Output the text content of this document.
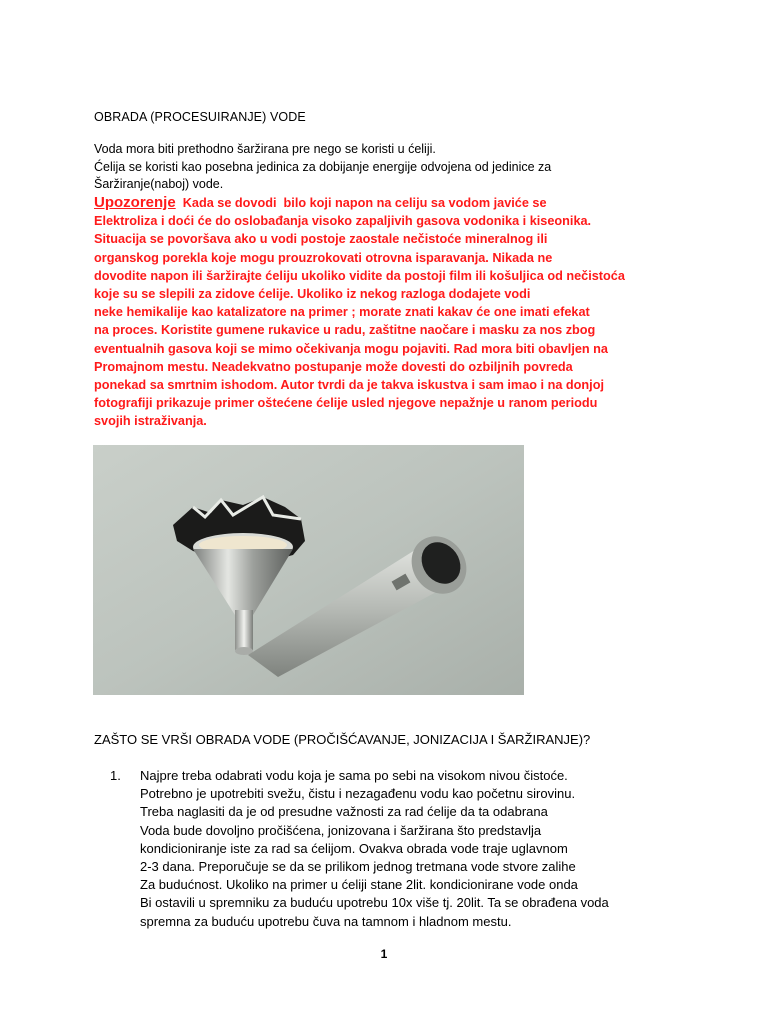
OBRADA (PROCESUIRANJE) VODE
Voda mora biti prethodno šaržirana pre nego se koristi u ćeliji.
Ćelija se koristi kao posebna jedinica za dobijanje energije odvojena od jedinice za
Šaržiranje(naboj) vode.
Upozorenje  Kada se dovodi  bilo koji napon na celiju sa vodom javiće se
Elektroliza i doći će do oslobađanja visoko zapaljivih gasova vodonika i kiseonika.
Situacija se povoršava ako u vodi postoje zaostale nečistoće mineralnog ili
organskog porekla koje mogu prouzrokovati otrovna isparavanja. Nikada ne
dovodite napon ili šaržirajte ćeliju ukoliko vidite da postoji film ili košuljica od nečistoća
koje su se slepili za zidove ćelije. Ukoliko iz nekog razloga dodajete vodi
neke hemikalije kao katalizatore na primer ; morate znati kakav će one imati efekat
na proces. Koristite gumene rukavice u radu, zaštitne naočare i masku za nos zbog
eventualnih gasova koji se mimo očekivanja mogu pojaviti. Rad mora biti obavljen na
Promajnom mestu. Neadekvatno postupanje može dovesti do ozbiljnih povreda
ponekad sa smrtnim ishodom. Autor tvrdi da je takva iskustva i sam imao i na donjoj
fotografiji prikazuje primer oštećene ćelije usled njegove nepažnje u ranom periodu
svojih istraživanja.
ZAŠTO SE VRŠI OBRADA VODE (PROČIŠĆAVANJE, JONIZACIJA I ŠARŽIRANJE)?
1. Najpre treba odabrati vodu koja je sama po sebi na visokom nivou čistoće.
Potrebno je upotrebiti svežu, čistu i nezagađenu vodu kao početnu sirovinu.
Treba naglasiti da je od presudne važnosti za rad ćelije da ta odabrana
Voda bude dovoljno pročišćena, jonizovana i šaržirana što predstavlja
kondicioniranje iste za rad sa ćelijom. Ovakva obrada vode traje uglavnom
2-3 dana. Preporučuje se da se prilikom jednog tretmana vode stvore zalihe
Za budućnost. Ukoliko na primer u ćeliji stane 2lit. kondicionirane vode onda
Bi ostavili u spremniku za buduću upotrebu 10x više tj. 20lit. Ta se obrađena voda
spremna za buduću upotrebu čuva na tamnom i hladnom mestu.
1
